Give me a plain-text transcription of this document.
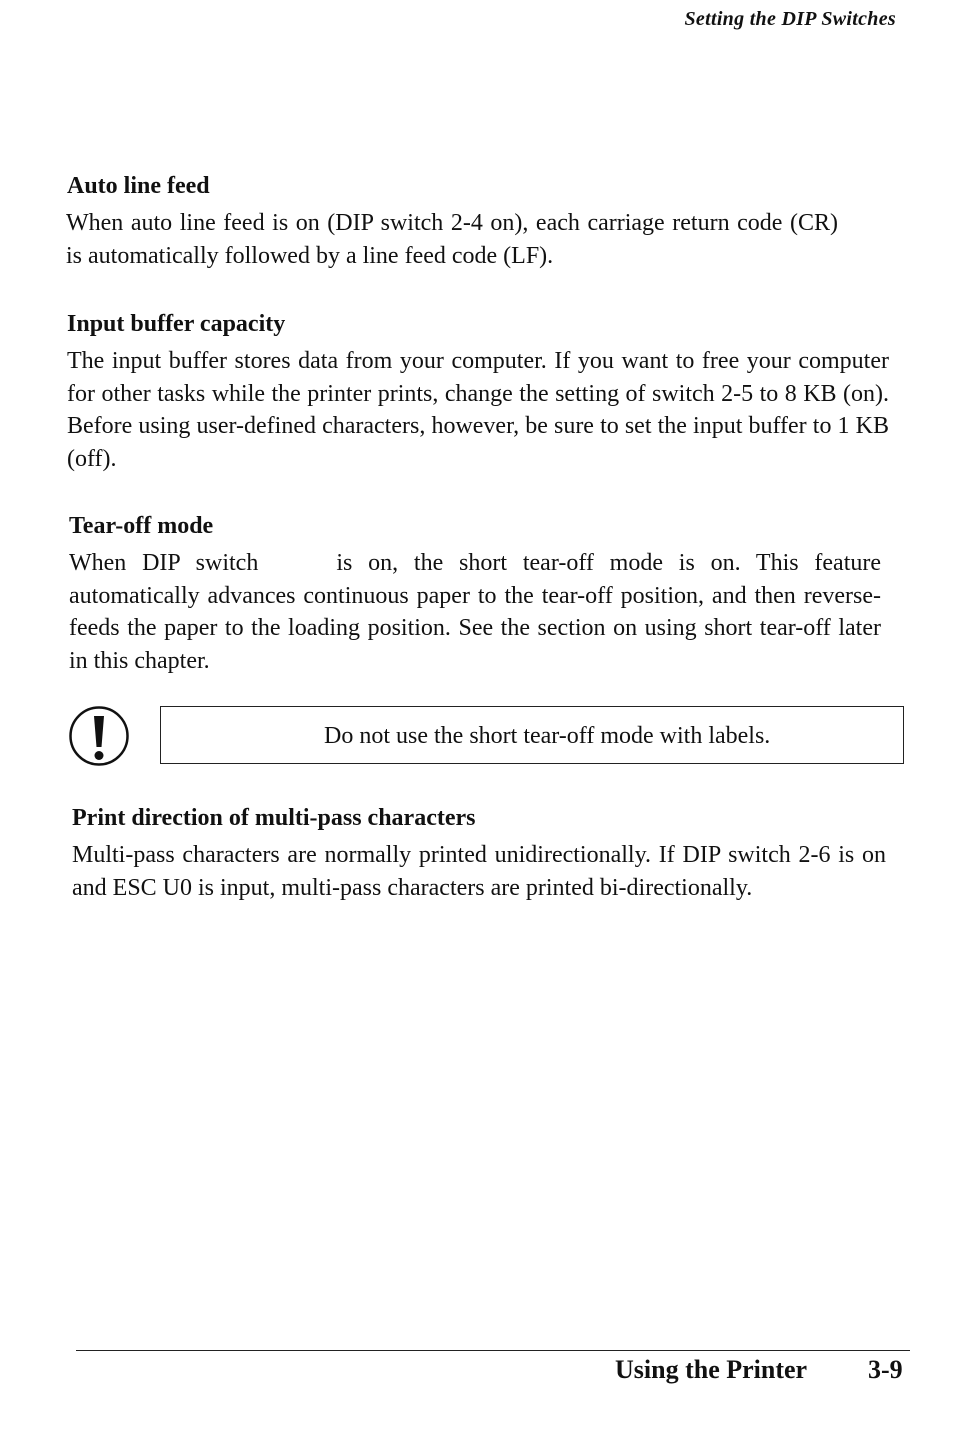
Setting the DIP Switches
Auto line feed

When auto line feed is on (DIP switch 2-4 on), each carriage return code (CR) is automatically followed by a line feed code (LF).

Input buffer capacity

The input buffer stores data from your computer. If you want to free your computer for other tasks while the printer prints, change the setting of switch 2-5 to 8 KB (on). Before using user-defined characters, however, be sure to set the input buffer to 1 KB (off).

Tear-off mode

When DIP switch	is on, the short tear-off mode is on. This feature automatically advances continuous paper to the tear-off position, and then reverse-feeds the paper to the loading position. See the section on using short tear-off later in this chapter.

Do not use the short tear-off mode with labels.
Print direction of multi-pass characters

Multi-pass characters are normally printed unidirectionally. If DIP switch 2-6 is on and ESC U0 is input, multi-pass characters are printed bi-directionally.

Using the Printer 3-9
